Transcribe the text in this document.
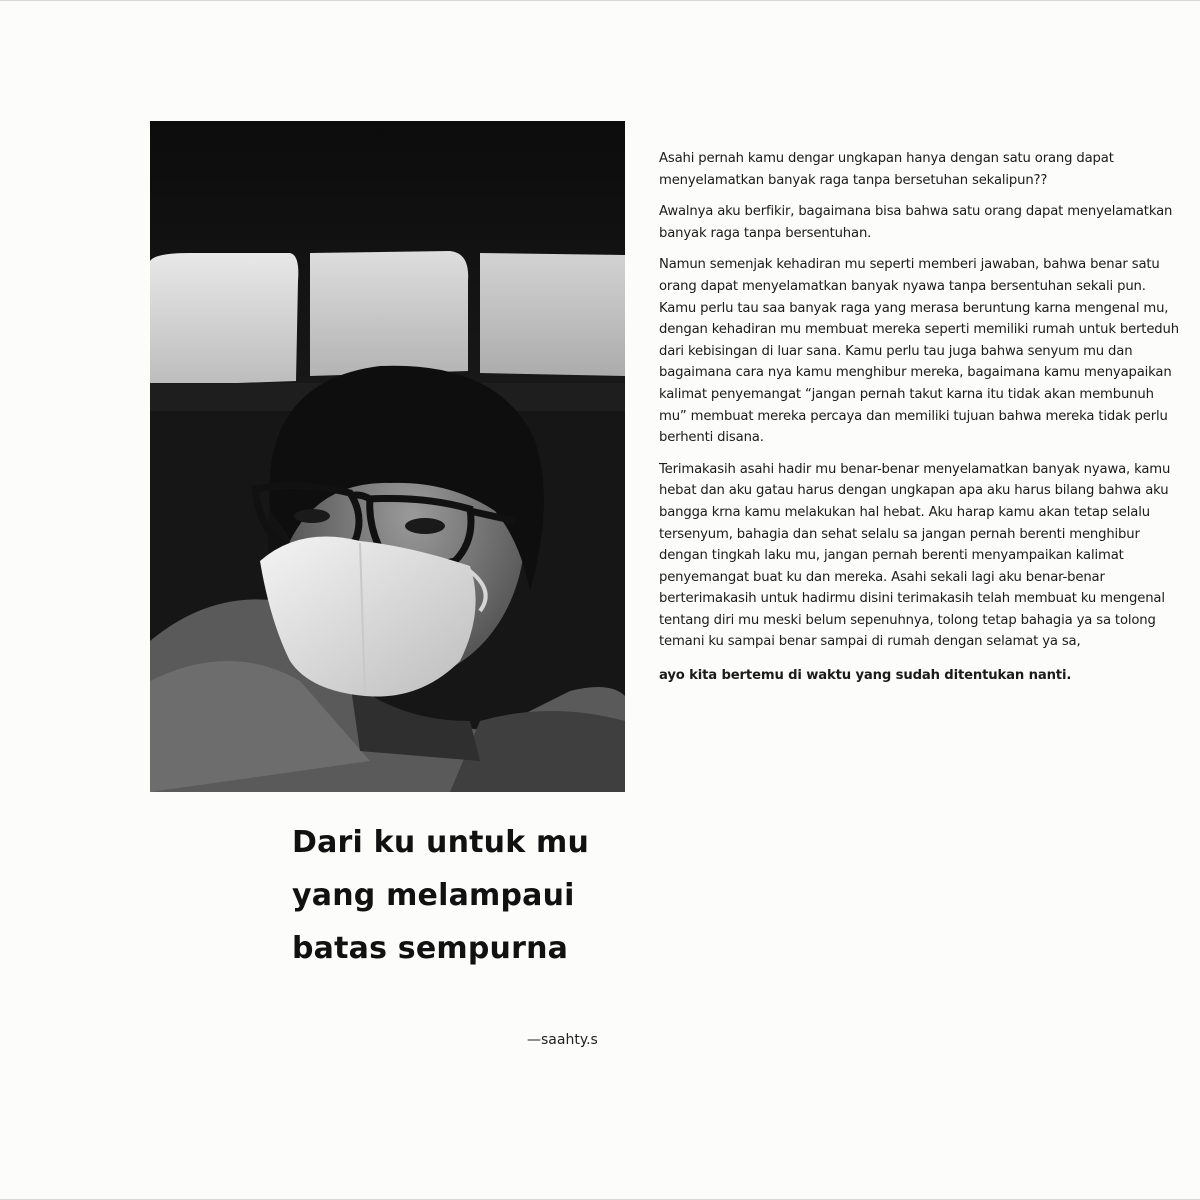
Asahi pernah kamu dengar ungkapan hanya dengan satu orang dapat menyelamatkan banyak raga tanpa bersetuhan sekalipun??

Awalnya aku berfikir, bagaimana bisa bahwa satu orang dapat menyelamatkan banyak raga tanpa bersentuhan.

Namun semenjak kehadiran mu seperti memberi jawaban, bahwa benar satu orang dapat menyelamatkan banyak nyawa tanpa bersentuhan sekali pun. Kamu perlu tau saa banyak raga yang merasa beruntung karna mengenal mu, dengan kehadiran mu membuat mereka seperti memiliki rumah untuk berteduh dari kebisingan di luar sana. Kamu perlu tau juga bahwa senyum mu dan bagaimana cara nya kamu menghibur mereka, bagaimana kamu menyapaikan kalimat penyemangat “jangan pernah takut karna itu tidak akan membunuh mu” membuat mereka percaya dan memiliki tujuan bahwa mereka tidak perlu berhenti disana.

Terimakasih asahi hadir mu benar-benar menyelamatkan banyak nyawa, kamu hebat dan aku gatau harus dengan ungkapan apa aku harus bilang bahwa aku bangga krna kamu melakukan hal hebat. Aku harap kamu akan tetap selalu tersenyum, bahagia dan sehat selalu sa jangan pernah berenti menghibur dengan tingkah laku mu, jangan pernah berenti menyampaikan kalimat penyemangat buat ku dan mereka. Asahi sekali lagi aku benar-benar berterimakasih untuk hadirmu disini terimakasih telah membuat ku mengenal tentang diri mu meski belum sepenuhnya, tolong tetap bahagia ya sa tolong temani ku sampai benar sampai di rumah dengan selamat ya sa,

ayo kita bertemu di waktu yang sudah ditentukan nanti.

Dari ku untuk mu
yang melampaui
batas sempurna
—saahty.s
